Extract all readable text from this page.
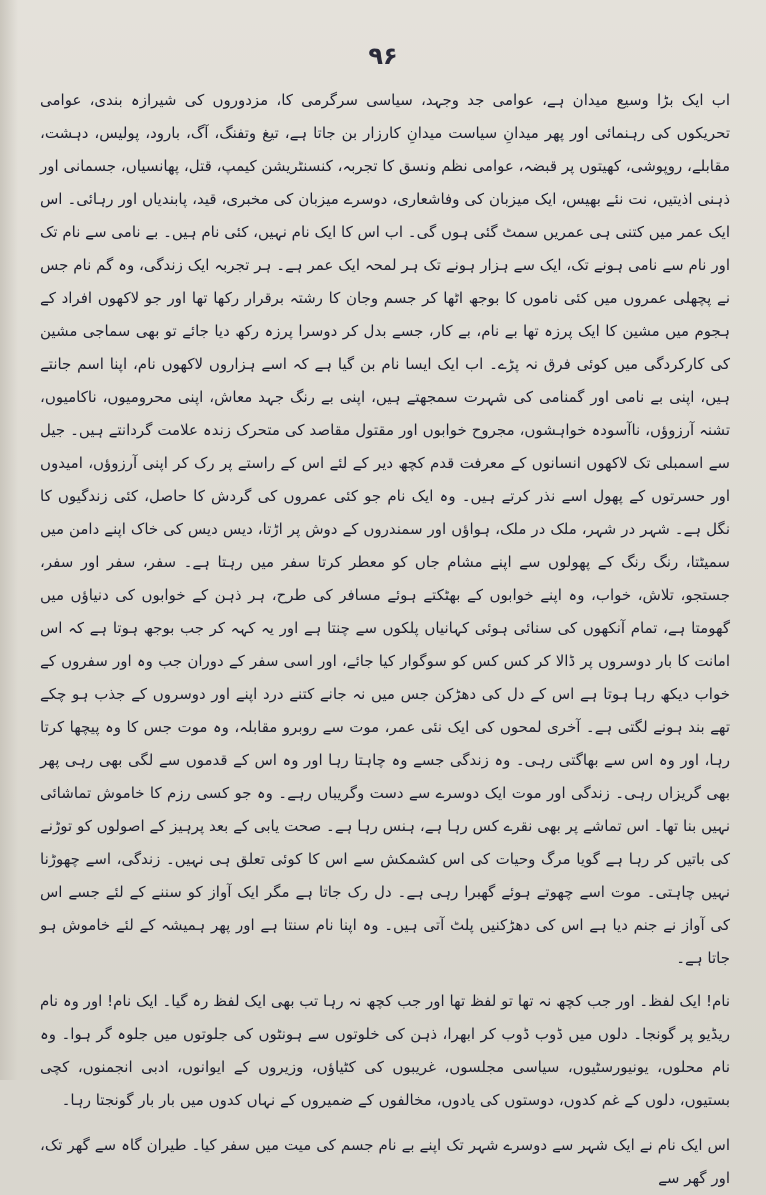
۹۶

اب ایک بڑا وسیع میدان ہے، عوامی جد وجہد، سیاسی سرگرمی کا، مزدوروں کی شیرازہ بندی، عوامی تحریکوں کی رہنمائی اور پھر میدانِ سیاست میدانِ کارزار بن جاتا ہے، تیغ وتفنگ، آگ، بارود، پولیس، دہشت، مقابلے، روپوشی، کھیتوں پر قبضہ، عوامی نظم ونسق کا تجربہ، کنسنٹریشن کیمپ، قتل، پھانسیاں، جسمانی اور ذہنی اذیتیں، نت نئے بھیس، ایک میزبان کی وفاشعاری، دوسرے میزبان کی مخبری، قید، پابندیاں اور رہائی۔ اس ایک عمر میں کتنی ہی عمریں سمٹ گئی ہوں گی۔ اب اس کا ایک نام نہیں، کئی نام ہیں۔ بے نامی سے نام تک اور نام سے نامی ہونے تک، ایک سے ہزار ہونے تک ہر لمحہ ایک عمر ہے۔ ہر تجربہ ایک زندگی، وہ گم نام جس نے پچھلی عمروں میں کئی ناموں کا بوجھ اٹھا کر جسم وجان کا رشتہ برقرار رکھا تھا اور جو لاکھوں افراد کے ہجوم میں مشین کا ایک پرزہ تھا بے نام، بے کار، جسے بدل کر دوسرا پرزہ رکھ دیا جائے تو بھی سماجی مشین کی کارکردگی میں کوئی فرق نہ پڑے۔ اب ایک ایسا نام بن گیا ہے کہ اسے ہزاروں لاکھوں نام، اپنا اسم جانتے ہیں، اپنی بے نامی اور گمنامی کی شہرت سمجھتے ہیں، اپنی بے رنگ جہد معاش، اپنی محرومیوں، ناکامیوں، تشنہ آرزوؤں، ناآسودہ خواہشوں، مجروح خوابوں اور مقتول مقاصد کی متحرک زندہ علامت گردانتے ہیں۔ جیل سے اسمبلی تک لاکھوں انسانوں کے معرفت قدم کچھ دیر کے لئے اس کے راستے پر رک کر اپنی آرزوؤں، امیدوں اور حسرتوں کے پھول اسے نذر کرتے ہیں۔ وہ ایک نام جو کئی عمروں کی گردش کا حاصل، کئی زندگیوں کا نگل ہے۔ شہر در شہر، ملک در ملک، ہواؤں اور سمندروں کے دوش پر اڑتا، دیس دیس کی خاک اپنے دامن میں سمیٹتا، رنگ رنگ کے پھولوں سے اپنے مشام جاں کو معطر کرتا سفر میں رہتا ہے۔ سفر، سفر اور سفر، جستجو، تلاش، خواب، وہ اپنے خوابوں کے بھٹکتے ہوئے مسافر کی طرح، ہر ذہن کے خوابوں کی دنیاؤں میں گھومتا ہے، تمام آنکھوں کی سنائی ہوئی کہانیاں پلکوں سے چنتا ہے اور یہ کہہ کر جب بوجھ ہوتا ہے کہ اس امانت کا بار دوسروں پر ڈالا کر کس کس کو سوگوار کیا جائے، اور اسی سفر کے دوران جب وہ اور سفروں کے خواب دیکھ رہا ہوتا ہے اس کے دل کی دھڑکن جس میں نہ جانے کتنے درد اپنے اور دوسروں کے جذب ہو چکے تھے بند ہونے لگتی ہے۔ آخری لمحوں کی ایک نئی عمر، موت سے روبرو مقابلہ، وہ موت جس کا وہ پیچھا کرتا رہا، اور وہ اس سے بھاگتی رہی۔ وہ زندگی جسے وہ چاہتا رہا اور وہ اس کے قدموں سے لگی بھی رہی پھر بھی گریزاں رہی۔ زندگی اور موت ایک دوسرے سے دست وگریباں رہے۔ وہ جو کسی رزم کا خاموش تماشائی نہیں بنا تھا۔ اس تماشے پر بھی نقرے کس رہا ہے، ہنس رہا ہے۔ صحت یابی کے بعد پرہیز کے اصولوں کو توڑنے کی باتیں کر رہا ہے گویا مرگ وحیات کی اس کشمکش سے اس کا کوئی تعلق ہی نہیں۔ زندگی، اسے چھوڑنا نہیں چاہتی۔ موت اسے چھوتے ہوئے گھبرا رہی ہے۔ دل رک جاتا ہے مگر ایک آواز کو سننے کے لئے جسے اس کی آواز نے جنم دیا ہے اس کی دھڑکنیں پلٹ آتی ہیں۔ وہ اپنا نام سنتا ہے اور پھر ہمیشہ کے لئے خاموش ہو جاتا ہے۔

نام! ایک لفظ۔ اور جب کچھ نہ تھا تو لفظ تھا اور جب کچھ نہ رہا تب بھی ایک لفظ رہ گیا۔ ایک نام! اور وہ نام ریڈیو پر گونجا۔ دلوں میں ڈوب ڈوب کر ابھرا، ذہن کی خلوتوں سے ہونٹوں کی جلوتوں میں جلوہ گر ہوا۔ وہ نام محلوں، یونیورسٹیوں، سیاسی مجلسوں، غریبوں کی کٹیاؤں، وزیروں کے ایوانوں، ادبی انجمنوں، کچی بستیوں، دلوں کے غم کدوں، دوستوں کی یادوں، مخالفوں کے ضمیروں کے نہاں کدوں میں بار بار گونجتا رہا۔

اس ایک نام نے ایک شہر سے دوسرے شہر تک اپنے بے نام جسم کی میت میں سفر کیا۔ طیران گاہ سے گھر تک، اور گھر سے
